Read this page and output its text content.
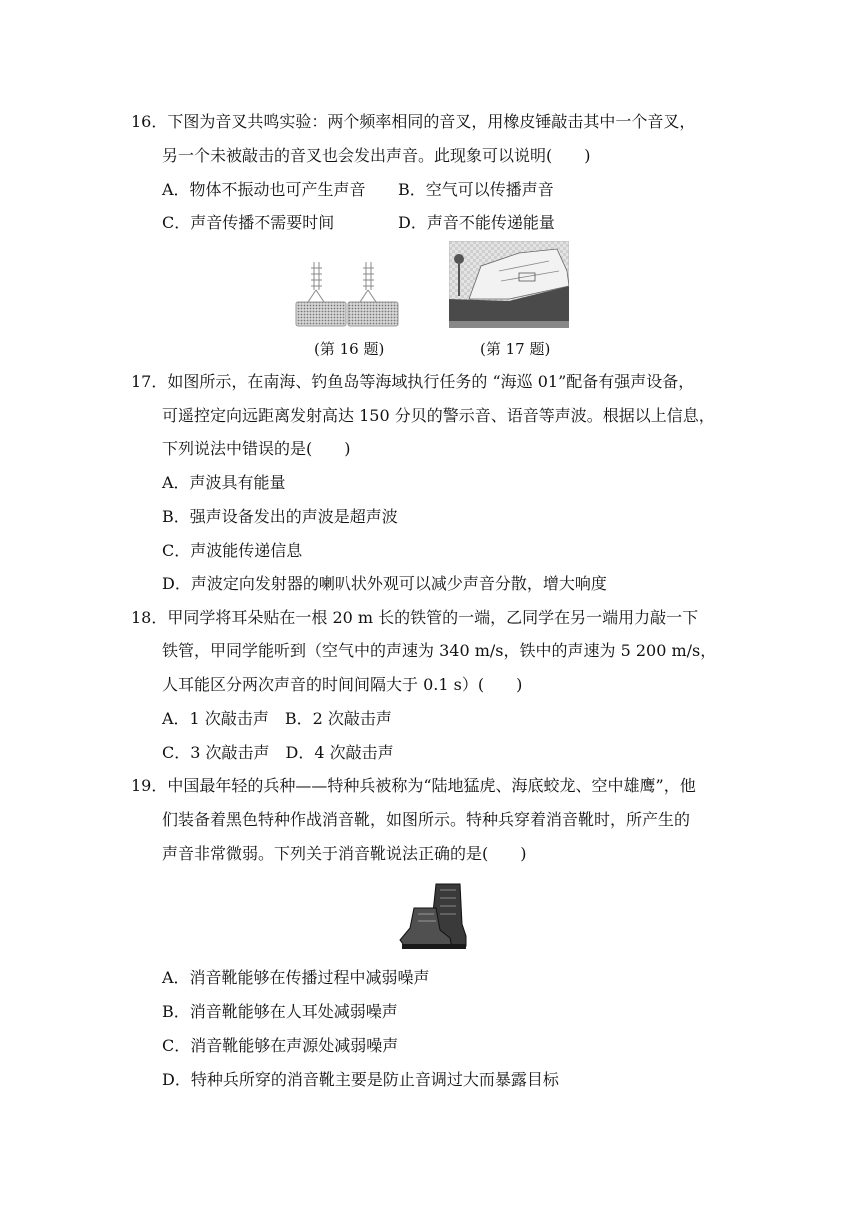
16．下图为音叉共鸣实验：两个频率相同的音叉，用橡皮锤敲击其中一个音叉，
另一个未被敲击的音叉也会发出声音。此现象可以说明(　　)
A．物体不振动也可产生声音 B．空气可以传播声音
C．声音传播不需要时间	D．声音不能传递能量
(第 16 题)	(第 17 题)
17．如图所示，在南海、钓鱼岛等海域执行任务的 “海巡 01”配备有强声设备，
可遥控定向远距离发射高达 150 分贝的警示音、语音等声波。根据以上信息，
下列说法中错误的是(　　)
A．声波具有能量
B．强声设备发出的声波是超声波
C．声波能传递信息
D．声波定向发射器的喇叭状外观可以减少声音分散，增大响度
18．甲同学将耳朵贴在一根 20 m 长的铁管的一端，乙同学在另一端用力敲一下
铁管，甲同学能听到（空气中的声速为 340 m/s，铁中的声速为 5 200 m/s，
人耳能区分两次声音的时间间隔大于 0.1 s）(　　)
A．1 次敲击声　B．2 次敲击声
C．3 次敲击声　D．4 次敲击声
19．中国最年轻的兵种——特种兵被称为“陆地猛虎、海底蛟龙、空中雄鹰”，他
们装备着黑色特种作战消音靴，如图所示。特种兵穿着消音靴时，所产生的
声音非常微弱。下列关于消音靴说法正确的是(　　)
A．消音靴能够在传播过程中减弱噪声
B．消音靴能够在人耳处减弱噪声
C．消音靴能够在声源处减弱噪声
D．特种兵所穿的消音靴主要是防止音调过大而暴露目标
